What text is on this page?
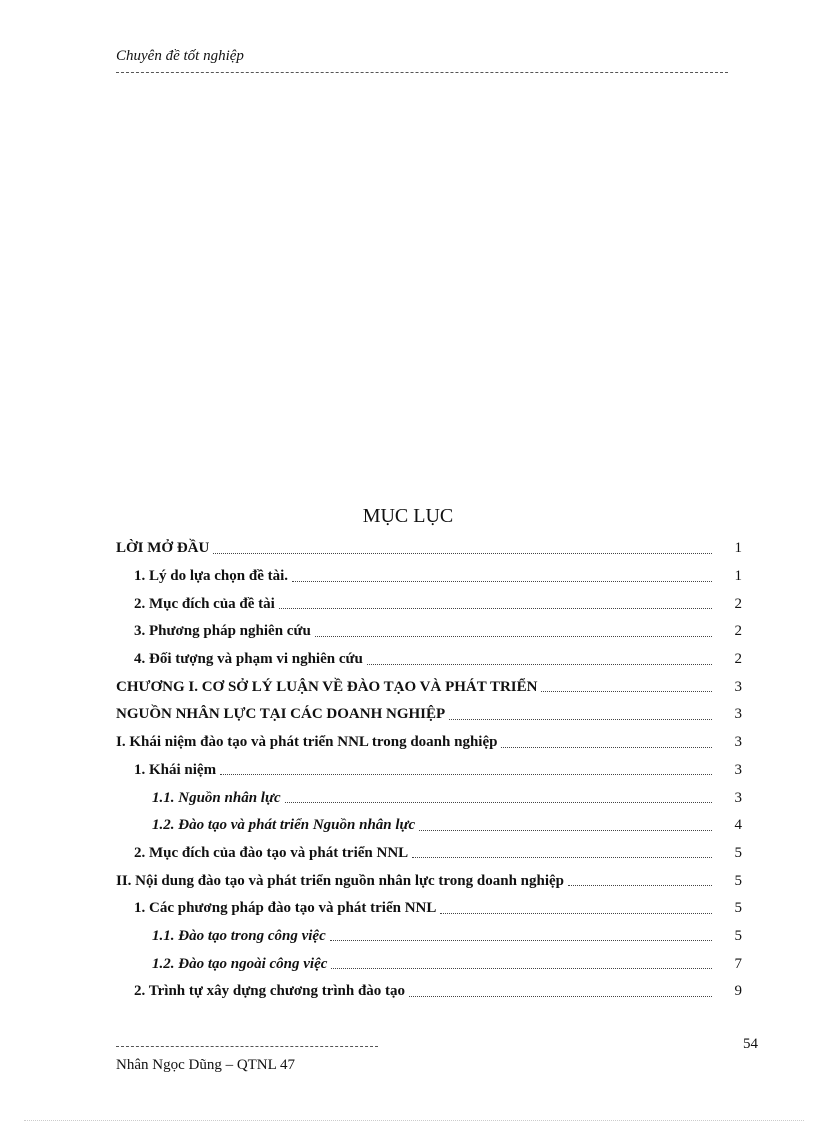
Chuyên đề tốt nghiệp
MỤC LỤC
LỜI MỞ ĐẦU	1
1. Lý do lựa chọn đề tài.	1
2. Mục đích của đề tài	2
3. Phương pháp nghiên cứu	2
4. Đối tượng và phạm vi nghiên cứu	2
CHƯƠNG I. CƠ SỞ LÝ LUẬN VỀ ĐÀO TẠO VÀ PHÁT TRIỂN	3
NGUỒN NHÂN LỰC TẠI CÁC DOANH NGHIỆP	3
I. Khái niệm đào tạo và phát triển NNL trong doanh nghiệp	3
1. Khái niệm	3
1.1. Nguồn nhân lực	3
1.2. Đào tạo và phát triển Nguồn nhân lực	4
2. Mục đích của đào tạo và phát triển NNL	5
II. Nội dung đào tạo và phát triển nguồn nhân lực trong doanh nghiệp	5
1. Các phương pháp đào tạo và phát triển NNL	5
1.1. Đào tạo trong công việc	5
1.2. Đào tạo ngoài công việc	7
2. Trình tự xây dựng chương trình đào tạo	9
54
Nhân Ngọc Dũng – QTNL 47
